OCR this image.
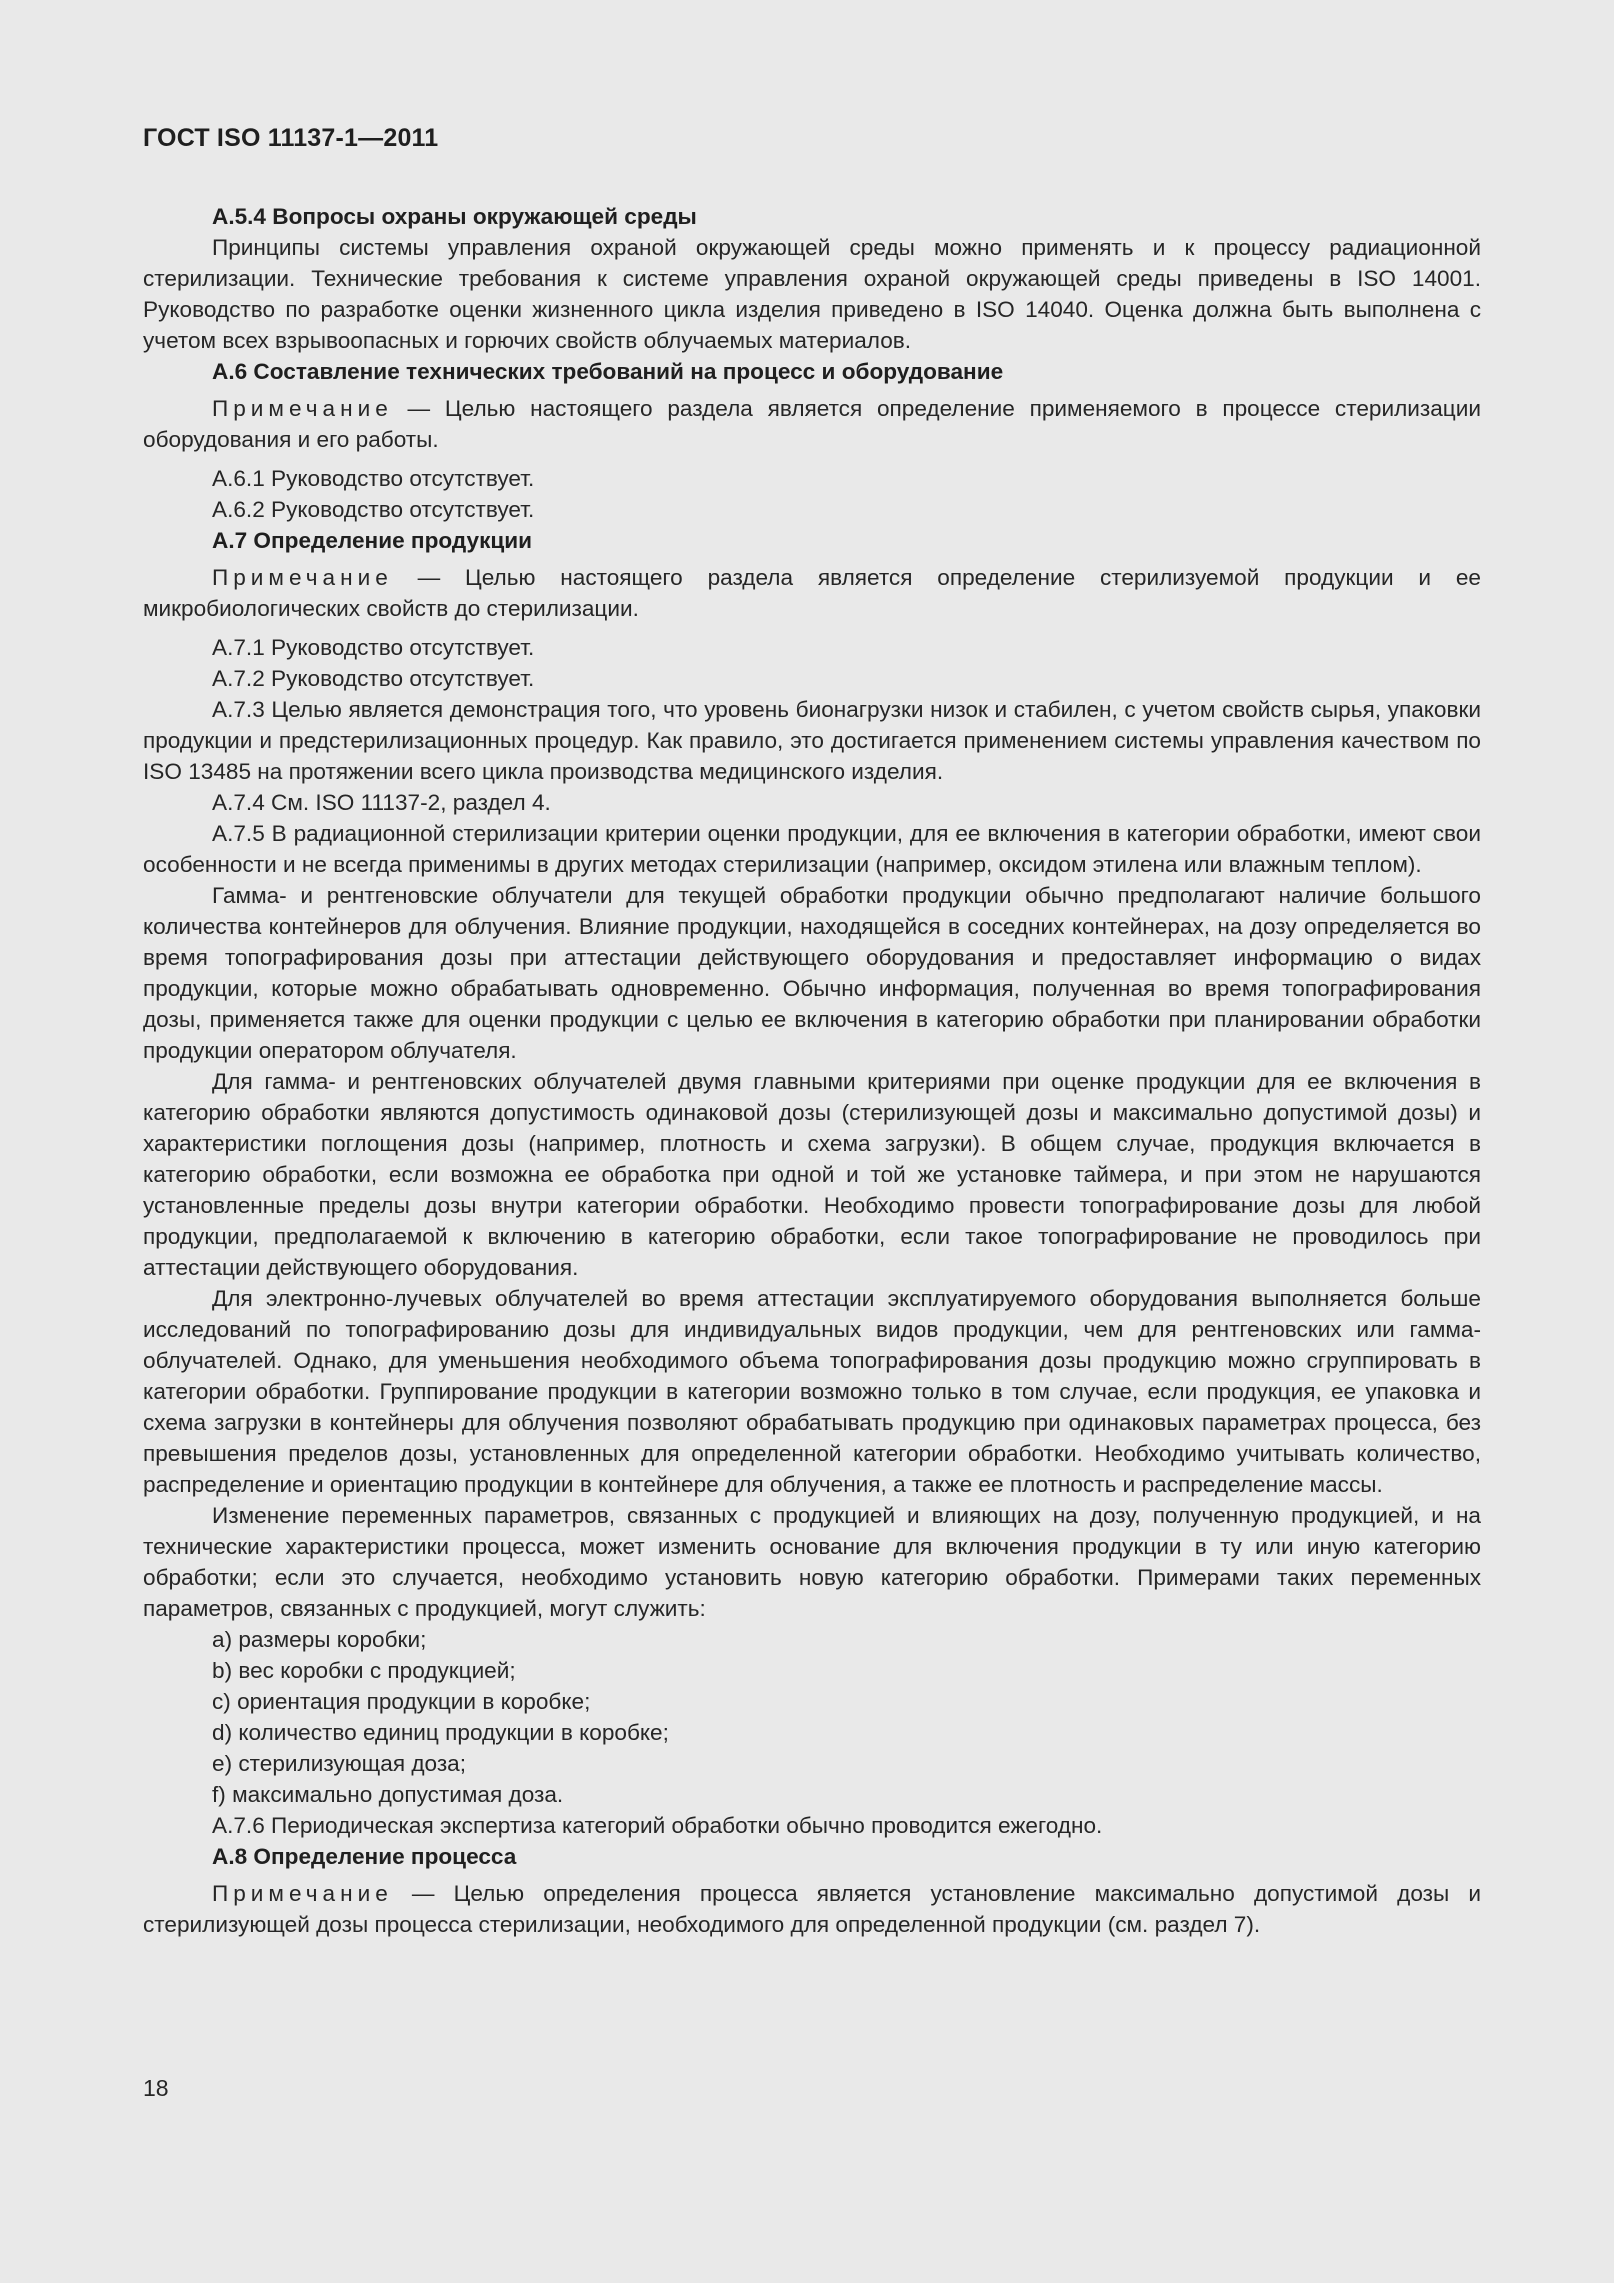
ГОСТ ISO 11137-1—2011

А.5.4 Вопросы охраны окружающей среды

Принципы системы управления охраной окружающей среды можно применять и к процессу радиационной стерилизации. Технические требования к системе управления охраной окружающей среды приведены в ISO 14001. Руководство по разработке оценки жизненного цикла изделия приведено в ISO 14040. Оценка должна быть выполнена с учетом всех взрывоопасных и горючих свойств облучаемых материалов.

А.6 Составление технических требований на процесс и оборудование

Примечание — Целью настоящего раздела является определение применяемого в процессе стерилизации оборудования и его работы.

А.6.1 Руководство отсутствует.

А.6.2 Руководство отсутствует.

А.7 Определение продукции

Примечание — Целью настоящего раздела является определение стерилизуемой продукции и ее микробиологических свойств до стерилизации.

А.7.1 Руководство отсутствует.

А.7.2 Руководство отсутствует.

А.7.3 Целью является демонстрация того, что уровень бионагрузки низок и стабилен, с учетом свойств сырья, упаковки продукции и предстерилизационных процедур. Как правило, это достигается применением системы управления качеством по ISO 13485 на протяжении всего цикла производства медицинского изделия.

А.7.4 См. ISO 11137-2, раздел 4.

А.7.5 В радиационной стерилизации критерии оценки продукции, для ее включения в категории обработки, имеют свои особенности и не всегда применимы в других методах стерилизации (например, оксидом этилена или влажным теплом).

Гамма- и рентгеновские облучатели для текущей обработки продукции обычно предполагают наличие большого количества контейнеров для облучения. Влияние продукции, находящейся в соседних контейнерах, на дозу определяется во время топографирования дозы при аттестации действующего оборудования и предоставляет информацию о видах продукции, которые можно обрабатывать одновременно. Обычно информация, полученная во время топографирования дозы, применяется также для оценки продукции с целью ее включения в категорию обработки при планировании обработки продукции оператором облучателя.

Для гамма- и рентгеновских облучателей двумя главными критериями при оценке продукции для ее включения в категорию обработки являются допустимость одинаковой дозы (стерилизующей дозы и максимально допустимой дозы) и характеристики поглощения дозы (например, плотность и схема загрузки). В общем случае, продукция включается в категорию обработки, если возможна ее обработка при одной и той же установке таймера, и при этом не нарушаются установленные пределы дозы внутри категории обработки. Необходимо провести топографирование дозы для любой продукции, предполагаемой к включению в категорию обработки, если такое топографирование не проводилось при аттестации действующего оборудования.

Для электронно-лучевых облучателей во время аттестации эксплуатируемого оборудования выполняется больше исследований по топографированию дозы для индивидуальных видов продукции, чем для рентгеновских или гамма-облучателей. Однако, для уменьшения необходимого объема топографирования дозы продукцию можно сгруппировать в категории обработки. Группирование продукции в категории возможно только в том случае, если продукция, ее упаковка и схема загрузки в контейнеры для облучения позволяют обрабатывать продукцию при одинаковых параметрах процесса, без превышения пределов дозы, установленных для определенной категории обработки. Необходимо учитывать количество, распределение и ориентацию продукции в контейнере для облучения, а также ее плотность и распределение массы.

Изменение переменных параметров, связанных с продукцией и влияющих на дозу, полученную продукцией, и на технические характеристики процесса, может изменить основание для включения продукции в ту или иную категорию обработки; если это случается, необходимо установить новую категорию обработки. Примерами таких переменных параметров, связанных с продукцией, могут служить:

a) размеры коробки;

b) вес коробки с продукцией;

c) ориентация продукции в коробке;

d) количество единиц продукции в коробке;

e) стерилизующая доза;

f) максимально допустимая доза.

А.7.6 Периодическая экспертиза категорий обработки обычно проводится ежегодно.

А.8 Определение процесса

Примечание — Целью определения процесса является установление максимально допустимой дозы и стерилизующей дозы процесса стерилизации, необходимого для определенной продукции (см. раздел 7).

18
